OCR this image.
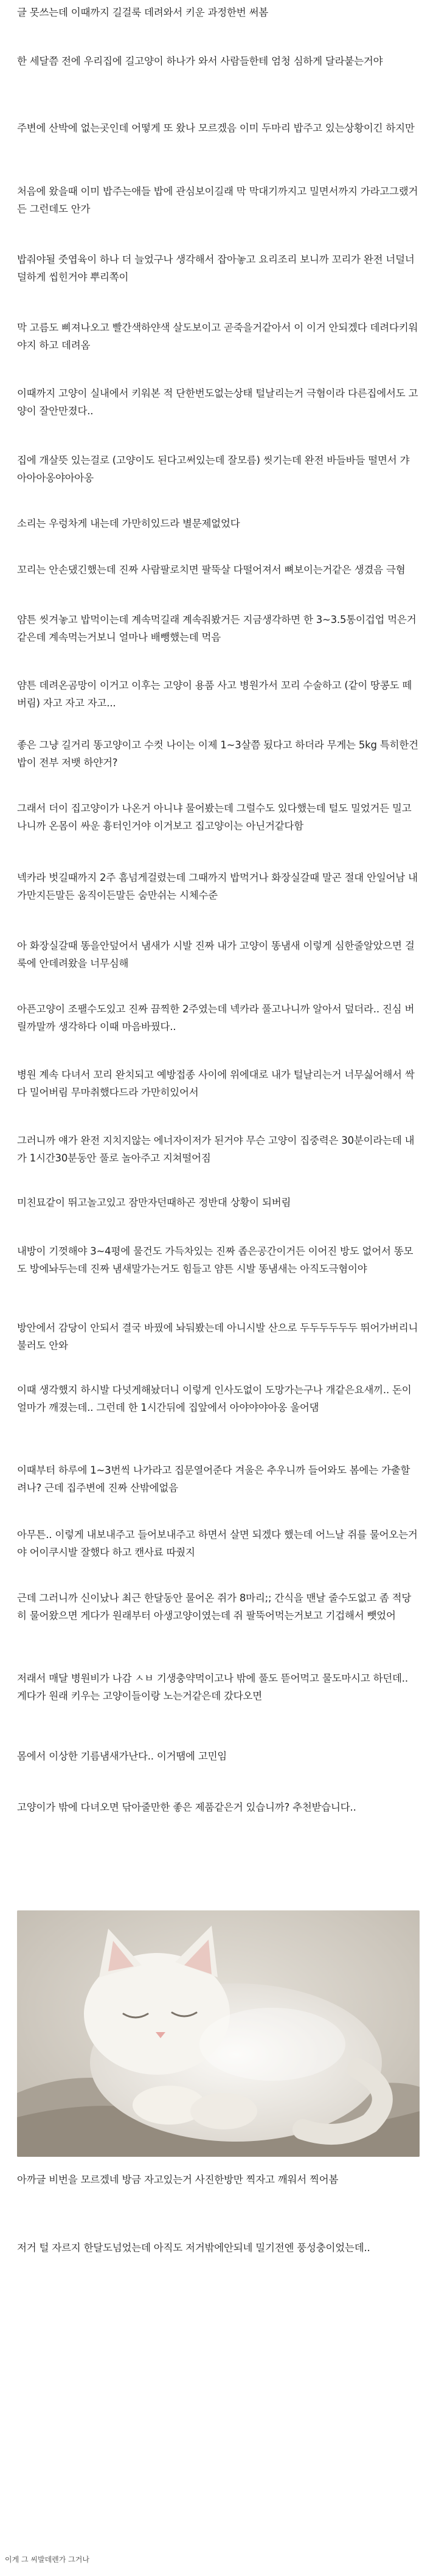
글 못쓰는데 이때까지 길걸룩 데려와서 키운 과정한번 써봄

한 세달쯤 전에 우리집에 길고양이 하나가 와서 사람들한테 엄청 심하게 달라붙는거야

주변에 산박에 없는곳인데 어떻게 또 왔나 모르겠음 이미 두마리 밥주고 있는상황이긴 하지만

처음에 왔을때 이미 밥주는애들 밥에 관심보이길래 막 막대기까지고 밀면서까지 가라고그랬거든 그런데도 안가

밥줘야될 줏엽육이 하나 더 늘었구나 생각해서 잡아놓고 요리조리 보니까 꼬리가 완전 너덜너덜하게 씹힌거야 뿌리쪽이

막 고름도 삐져나오고 빨간색하얀색 살도보이고 곧죽을거같아서 이 이거 안되겠다 데려다키워야지 하고 데려옴

이때까지 고양이 실내에서 키워본 적 단한번도없는상태 털날리는거 극혐이라 다른집에서도 고양이 잘안만졌다..

집에 개살뜻 있는걸로 (고양이도 된다고써있는데 잘모름) 씻기는데 완전 바들바들 떨면서 갸아아아옹야아아옹

소리는 우렁차게 내는데 가만히있드라 별문제없었다

꼬리는 안손댔긴했는데 진짜 사람팔로치면 팔뚝살 다떨어져서 뼈보이는거같은 생겼음 극혐

얌튼 씻겨놓고 밥먹이는데 계속먹길래 계속줘봤거든 지금생각하면 한 3~3.5통이겁업 먹은거같은데 계속먹는거보니 얼마나 배뺑했는데 먹음

얌튼 데려온곰망이 이거고 이후는 고양이 용품 사고 병원가서 꼬리 수술하고 (같이 땅콩도 떼버림) 자고 자고 자고...

좋은 그냥 길거리 똥고양이고 수컷 나이는 이제 1~3살쯤 됬다고 하더라 무게는 5kg 특히한건 밥이 전부 저뱃 하얀거?

그래서 더이 집고양이가 나온거 아니냐 물어봤는데 그럴수도 있다했는데 털도 밀었거든 밀고나니까 온몸이 싸운 흉터인거야 이거보고 집고양이는 아닌거같다함

넥카라 벗길때까지 2주 흠넘게걸렸는데 그때까지 밥먹거나 화장실갈때 말곤 절대 안일어남 내가만지든말든 움직이든말든 숨만쉬는 시체수준

아 화장실갈때 똥을안덮어서 냄새가 시발 진짜 내가 고양이 똥냄새 이렇게 심한줄알았으면 걸룩에 안데려왔을 너무심해

아픈고양이 조팰수도있고 진짜 끔찍한 2주였는데 넥카라 풀고나니까 알아서 덮더라.. 진심 버릴까말까 생각하다 이때 마음바꿨다..

병원 계속 다녀서 꼬리 완치되고 예방접종 사이에 위에대로 내가 털날리는거 너무싫어해서 싹다 밀어버림 무마취했다드라 가만히있어서

그러니까 얘가 완전 지치지않는 에너자이저가 된거야 무슨 고양이 집중력은 30분이라는데 내가 1시간30분동안 풀로 놀아주고 지쳐떨어짐

미친묘같이 뛰고놀고있고 잠만자던때하곤 정반대 상황이 되버림

내방이 기껏해야 3~4평에 물건도 가득차있는 진짜 좁은공간이거든 이어진 방도 없어서 똥모도 방에놔두는데 진짜 냄새말가는거도 힘들고 얌튼 시발 똥냄새는 아직도극혐이야

방안에서 감당이 안되서 결국 바꿨에 놔둬봤는데 아니시발 산으로 두두두두두두 뛰어가버리니 불러도 안와

이때 생각했지 하시발 다넛게해놨더니 이렇게 인사도없이 도망가는구나 개같은요새끼.. 돈이 얼마가 깨졌는데.. 그런데 한 1시간뒤에 집앞에서 아야야야아옹 울어댐

이때부터 하루에 1~3번씩 나가라고 집문열어준다 겨울은 추우니까 들어와도 봄에는 가출할려나? 근데 집주변에 진짜 산밖에없음

아무튼.. 이렇게 내보내주고 들어보내주고 하면서 살면 되겠다 했는데 어느날 쥐를 물어오는거야 어이쿠시발 잘했다 하고 캔사료 따줬지

근데 그러니까 신이났나 최근 한달동안 물어온 쥐가 8마리;; 간식을 맨날 줄수도없고 좀 적당히 물어왔으면 게다가 원래부터 아생고양이였는데 쥐 팔뚝어먹는거보고 기겁해서 뺏었어

저래서 매달 병원비가 나감 ㅅㅂ 기생충약먹이고나 밖에 풀도 뜯어먹고 물도마시고 하던데.. 게다가 원래 키우는 고양이들이랑 노는거같은데 갔다오면

몸에서 이상한 기름냄새가난다.. 이거땜에 고민임

고양이가 밖에 다녀오면 닦아줄만한 좋은 제품같은거 있습니까? 추천받습니다..

아까글 비번을 모르겠네 방금 자고있는거 사진한방만 찍자고 깨워서 찍어봄

저거 털 자르지 한달도넘었는데 아직도 저거밖에안되네 밀기전엔 풍성충이었는데..

이게 그 씨발데렌가 그거나
